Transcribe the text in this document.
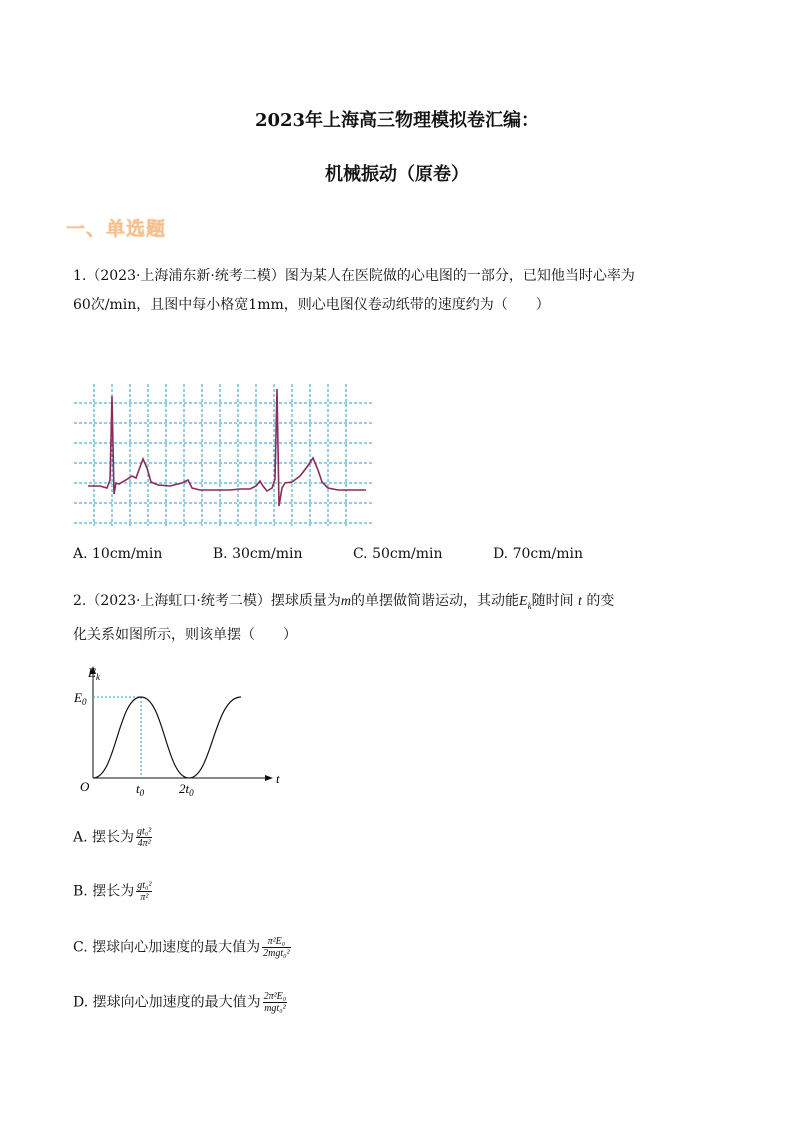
2023年上海高三物理模拟卷汇编：
机械振动（原卷）
一、单选题
1.（2023·上海浦东新·统考二模）图为某人在医院做的心电图的一部分，已知他当时心率为
60次/min，且图中每小格宽1mm，则心电图仪卷动纸带的速度约为（　　）
A. 10cm/min	B. 30cm/min	C. 50cm/min	D. 70cm/min
2.（2023·上海虹口·统考二模）摆球质量为m的单摆做简谐运动，其动能$E_k$随时间 t 的变
化关系如图所示，则该单摆（　　）
$E_k$
t
O
$E_0$
$t_0$	$2t_0$
A. 摆长为 $\frac{\text{gt₀²}}{\text{4π²}}$
B. 摆长为 $\frac{\text{gt₀²}}{\text{π²}}$
C. 摆球向心加速度的最大值为 $\frac{\text{π²E₀}}{\text{2mgt₀²}}$
D. 摆球向心加速度的最大值为 $\frac{\text{2π²E₀}}{\text{mgt₀²}}$
